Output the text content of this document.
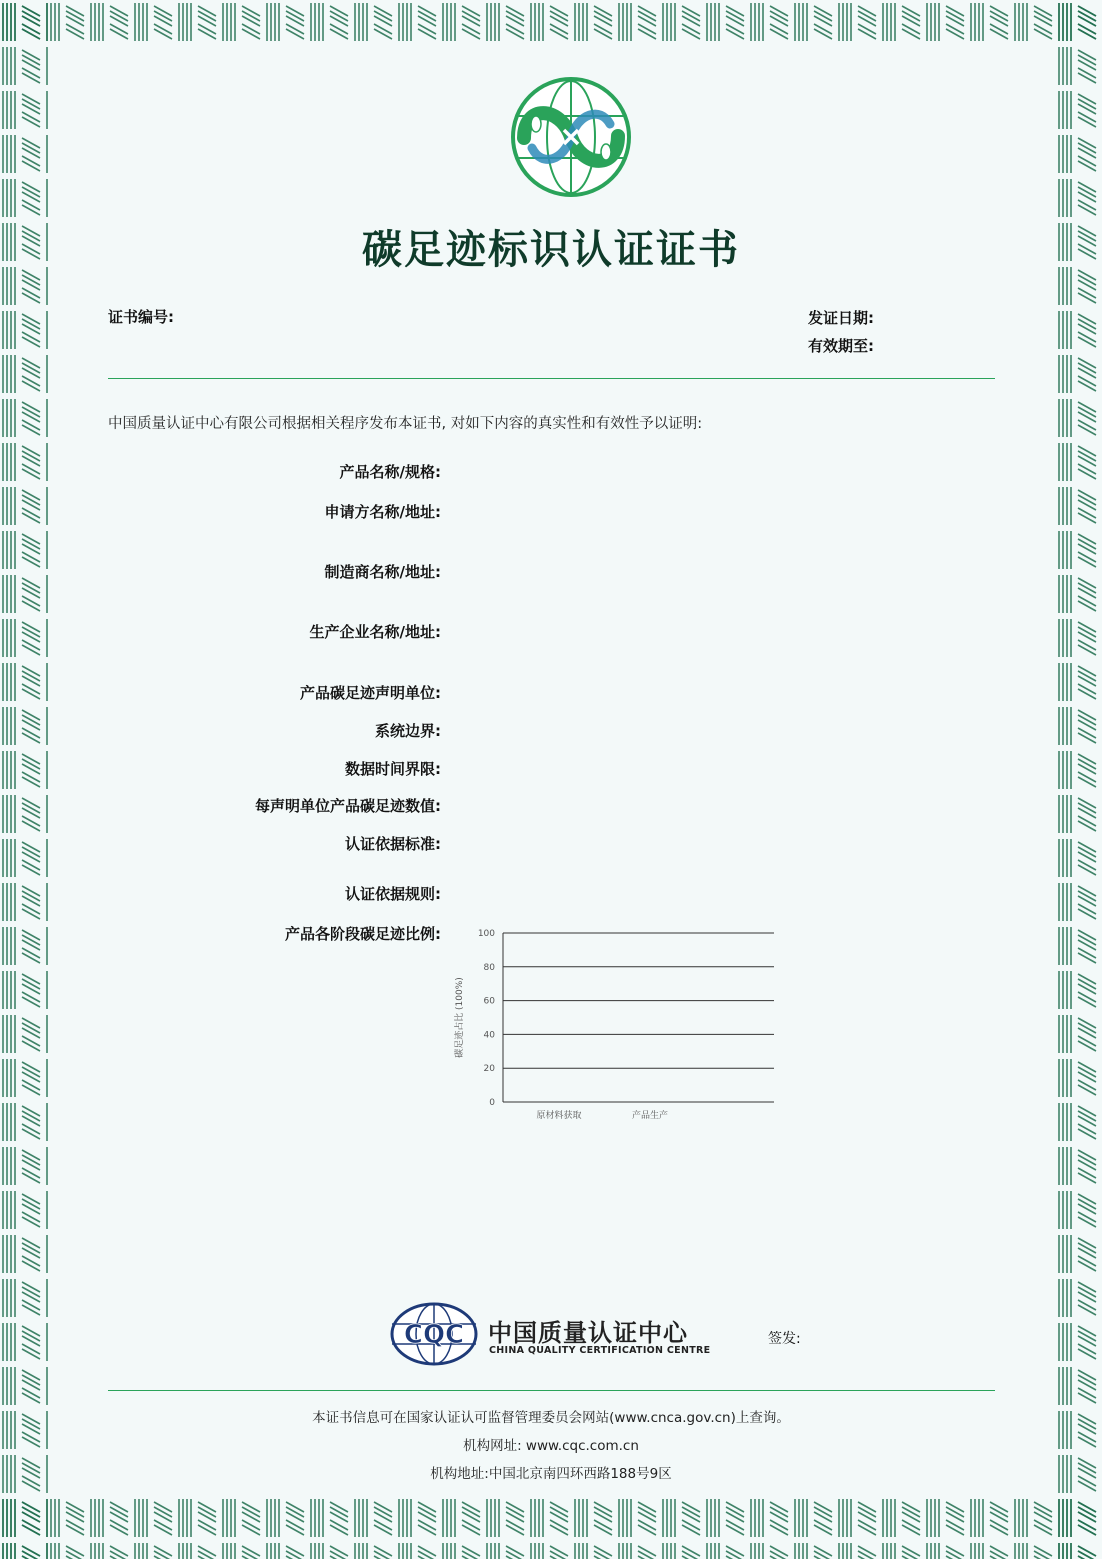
碳足迹标识认证证书
证书编号:	发证日期:
有效期至:
中国质量认证中心有限公司根据相关程序发布本证书, 对如下内容的真实性和有效性予以证明:
产品名称/规格:
申请方名称/地址:
制造商名称/地址:
生产企业名称/地址:
产品碳足迹声明单位:
系统边界:
数据时间界限:
每声明单位产品碳足迹数值:
认证依据标准:
认证依据规则:
产品各阶段碳足迹比例:
0
20
40
60
80
100
碳足迹占比 (100%)
原材料获取	产品生产
CQC 中国质量认证中心
CHINA QUALITY CERTIFICATION CENTRE
签发:
本证书信息可在国家认证认可监督管理委员会网站(www.cnca.gov.cn)上查询。
机构网址: www.cqc.com.cn
机构地址:中国北京南四环西路188号9区
